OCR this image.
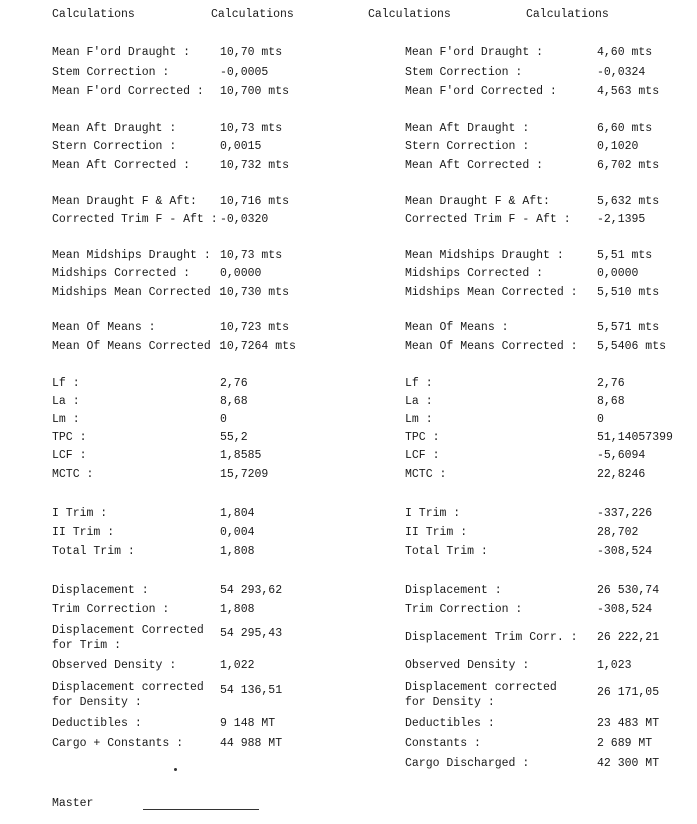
Calculations	Calculations	Calculations	Calculations
Mean F'ord Draught :	10,70 mts
Stem Correction :	-0,0005
Mean F'ord Corrected : 10,700 mts
Mean Aft Draught :	10,73 mts
Stern Correction :	0,0015
Mean Aft Corrected :	10,732 mts
Mean Draught F & Aft: 10,716 mts
Corrected Trim F - Aft : -0,0320
Mean Midships Draught : 10,73 mts
Midships Corrected :	0,0000
Midships Mean Corrected :
10,730 mts
Mean Of Means :	10,723 mts
Mean Of Means Corrected :
10,7264 mts
Lf :	2,76
La :	8,68
Lm :	0
TPC :	55,2
LCF :	1,8585
MCTC :	15,7209
I Trim :	1,804
II Trim :	0,004
Total Trim :	1,808
Displacement :	54 293,62
Trim Correction :	1,808
Displacement Corrected for Trim :
54 295,43
Observed Density :	1,022
Displacement corrected for Density :
54 136,51
Deductibles :	9 148 MT
Cargo + Constants :	44 988 MT
Mean F'ord Draught :	4,60 mts
Stem Correction :	-0,0324
Mean F'ord Corrected :	4,563 mts
Mean Aft Draught :	6,60 mts
Stern Correction :	0,1020
Mean Aft Corrected :	6,702 mts
Mean Draught F & Aft:	5,632 mts
Corrected Trim F - Aft : -2,1395
Mean Midships Draught :	5,51 mts
Midships Corrected :	0,0000
Midships Mean Corrected : 5,510 mts
Mean Of Means :	5,571 mts
Mean Of Means Corrected : 5,5406 mts
Lf :	2,76
La :	8,68
Lm :	0
TPC :	51,14057399
LCF :	-5,6094
MCTC :	22,8246
I Trim :	-337,226
II Trim :	28,702
Total Trim :	-308,524
Displacement :	26 530,74
Trim Correction :	-308,524
Displacement Trim Corr. : 26 222,21
Observed Density :	1,023
Displacement corrected for Density :
26 171,05
Deductibles :	23 483 MT
Constants :	2 689 MT
Cargo Discharged :	42 300 MT
Master
